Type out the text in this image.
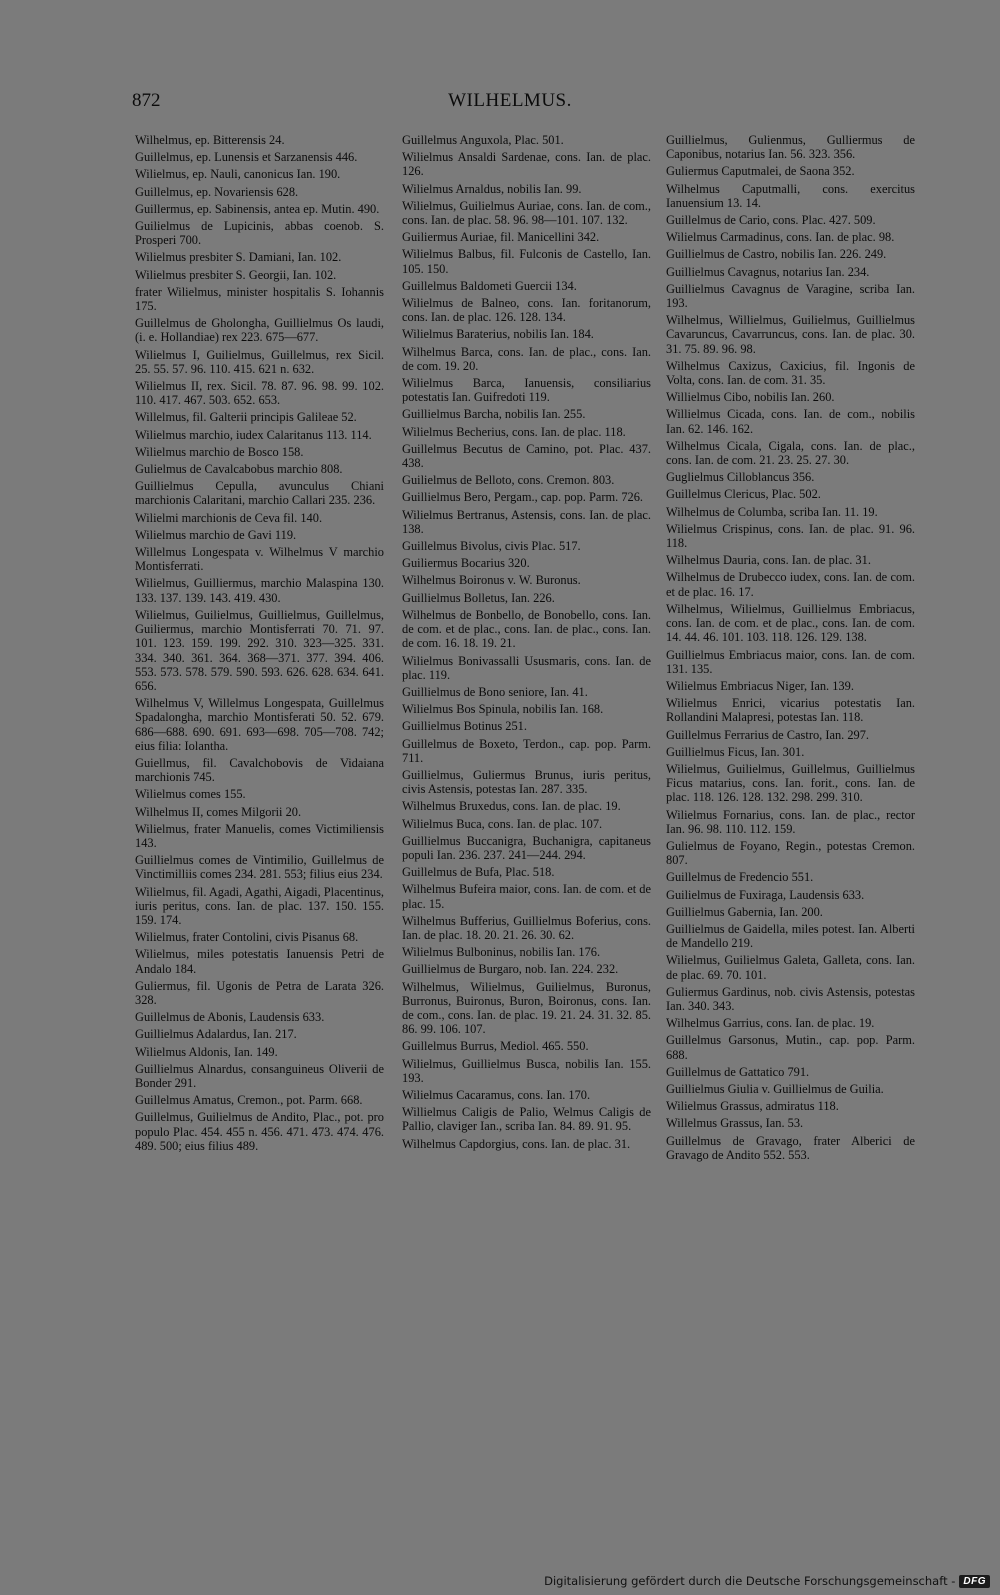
872	WILHELMUS.

Wilhelmus, ep. Bitterensis 24.

Guillelmus, ep. Lunensis et Sarzanensis 446.

Wilielmus, ep. Nauli, canonicus Ian. 190.

Guillelmus, ep. Novariensis 628.

Guillermus, ep. Sabinensis, antea ep. Mutin. 490.

Guilielmus de Lupicinis, abbas coenob. S. Prosperi 700.

Wilielmus presbiter S. Damiani, Ian. 102.

Wilielmus presbiter S. Georgii, Ian. 102.

frater Wilielmus, minister hospitalis S. Iohannis 175.

Guillelmus de Gholongha, Guillielmus Os laudi, (i. e. Hollandiae) rex 223. 675—677.

Wilielmus I, Guilielmus, Guillelmus, rex Sicil. 25. 55. 57. 96. 110. 415. 621 n. 632.

Wilielmus II, rex. Sicil. 78. 87. 96. 98. 99. 102. 110. 417. 467. 503. 652. 653.

Willelmus, fil. Galterii principis Galileae 52.

Wilielmus marchio, iudex Calaritanus 113. 114.

Wilielmus marchio de Bosco 158.

Gulielmus de Cavalcabobus marchio 808.

Guillielmus Cepulla, avunculus Chiani marchionis Calaritani, marchio Callari 235. 236.

Wilielmi marchionis de Ceva fil. 140.

Wilielmus marchio de Gavi 119.

Willelmus Longespata v. Wilhelmus V marchio Montisferrati.

Wilielmus, Guilliermus, marchio Malaspina 130. 133. 137. 139. 143. 419. 430.

Wilielmus, Guilielmus, Guillielmus, Guillelmus, Guiliermus, marchio Montisferrati 70. 71. 97. 101. 123. 159. 199. 292. 310. 323—325. 331. 334. 340. 361. 364. 368—371. 377. 394. 406. 553. 573. 578. 579. 590. 593. 626. 628. 634. 641. 656.

Wilhelmus V, Willelmus Longespata, Guillelmus Spadalongha, marchio Montisferati 50. 52. 679. 686—688. 690. 691. 693—698. 705—708. 742; eius filia: Iolantha.

Guiellmus, fil. Cavalchobovis de Vidaiana marchionis 745.

Wilielmus comes 155.

Wilhelmus II, comes Milgorii 20.

Wilielmus, frater Manuelis, comes Victimiliensis 143.

Guillielmus comes de Vintimilio, Guillelmus de Vinctimilliis comes 234. 281. 553; filius eius 234.

Wilielmus, fil. Agadi, Agathi, Aigadi, Placentinus, iuris peritus, cons. Ian. de plac. 137. 150. 155. 159. 174.

Wilielmus, frater Contolini, civis Pisanus 68.

Wilielmus, miles potestatis Ianuensis Petri de Andalo 184.

Guliermus, fil. Ugonis de Petra de Larata 326. 328.

Guillelmus de Abonis, Laudensis 633.

Guillielmus Adalardus, Ian. 217.

Wilielmus Aldonis, Ian. 149.

Guillielmus Alnardus, consanguineus Oliverii de Bonder 291.

Guillelmus Amatus, Cremon., pot. Parm. 668.

Guillelmus, Guilielmus de Andito, Plac., pot. pro populo Plac. 454. 455 n. 456. 471. 473. 474. 476. 489. 500; eius filius 489.

Guillelmus Anguxola, Plac. 501.

Wilielmus Ansaldi Sardenae, cons. Ian. de plac. 126.

Wilielmus Arnaldus, nobilis Ian. 99.

Wilielmus, Guilielmus Auriae, cons. Ian. de com., cons. Ian. de plac. 58. 96. 98—101. 107. 132.

Guiliermus Auriae, fil. Manicellini 342.

Wilielmus Balbus, fil. Fulconis de Castello, Ian. 105. 150.

Guillelmus Baldometi Guercii 134.

Wilielmus de Balneo, cons. Ian. foritanorum, cons. Ian. de plac. 126. 128. 134.

Wilielmus Baraterius, nobilis Ian. 184.

Wilhelmus Barca, cons. Ian. de plac., cons. Ian. de com. 19. 20.

Wilielmus Barca, Ianuensis, consiliarius potestatis Ian. Guifredoti 119.

Guillielmus Barcha, nobilis Ian. 255.

Wilielmus Becherius, cons. Ian. de plac. 118.

Guillelmus Becutus de Camino, pot. Plac. 437. 438.

Guilielmus de Belloto, cons. Cremon. 803.

Guillielmus Bero, Pergam., cap. pop. Parm. 726.

Wilielmus Bertranus, Astensis, cons. Ian. de plac. 138.

Guillelmus Bivolus, civis Plac. 517.

Guiliermus Bocarius 320.

Wilhelmus Boironus v. W. Buronus.

Guillielmus Bolletus, Ian. 226.

Wilhelmus de Bonbello, de Bonobello, cons. Ian. de com. et de plac., cons. Ian. de plac., cons. Ian. de com. 16. 18. 19. 21.

Wilielmus Bonivassalli Ususmaris, cons. Ian. de plac. 119.

Guillielmus de Bono seniore, Ian. 41.

Wilielmus Bos Spinula, nobilis Ian. 168.

Guillielmus Botinus 251.

Guillelmus de Boxeto, Terdon., cap. pop. Parm. 711.

Guillielmus, Guliermus Brunus, iuris peritus, civis Astensis, potestas Ian. 287. 335.

Wilhelmus Bruxedus, cons. Ian. de plac. 19.

Wilielmus Buca, cons. Ian. de plac. 107.

Guillielmus Buccanigra, Buchanigra, capitaneus populi Ian. 236. 237. 241—244. 294.

Guillelmus de Bufa, Plac. 518.

Wilhelmus Bufeira maior, cons. Ian. de com. et de plac. 15.

Wilhelmus Bufferius, Guillielmus Boferius, cons. Ian. de plac. 18. 20. 21. 26. 30. 62.

Wilielmus Bulboninus, nobilis Ian. 176.

Guillielmus de Burgaro, nob. Ian. 224. 232.

Wilhelmus, Wilielmus, Guilielmus, Buronus, Burronus, Buironus, Buron, Boironus, cons. Ian. de com., cons. Ian. de plac. 19. 21. 24. 31. 32. 85. 86. 99. 106. 107.

Guillelmus Burrus, Mediol. 465. 550.

Wilielmus, Guillielmus Busca, nobilis Ian. 155. 193.

Wilielmus Cacaramus, cons. Ian. 170.

Willielmus Caligis de Palio, Welmus Caligis de Pallio, claviger Ian., scriba Ian. 84. 89. 91. 95.

Wilhelmus Capdorgius, cons. Ian. de plac. 31.

Guillielmus, Gulienmus, Gulliermus de Caponibus, notarius Ian. 56. 323. 356.

Guliermus Caputmalei, de Saona 352.

Wilhelmus Caputmalli, cons. exercitus Ianuensium 13. 14.

Guillelmus de Cario, cons. Plac. 427. 509.

Wilielmus Carmadinus, cons. Ian. de plac. 98.

Guillielmus de Castro, nobilis Ian. 226. 249.

Guillielmus Cavagnus, notarius Ian. 234.

Guillielmus Cavagnus de Varagine, scriba Ian. 193.

Wilhelmus, Willielmus, Guilielmus, Guillielmus Cavaruncus, Cavarruncus, cons. Ian. de plac. 30. 31. 75. 89. 96. 98.

Wilhelmus Caxizus, Caxicius, fil. Ingonis de Volta, cons. Ian. de com. 31. 35.

Willielmus Cibo, nobilis Ian. 260.

Willielmus Cicada, cons. Ian. de com., nobilis Ian. 62. 146. 162.

Wilhelmus Cicala, Cigala, cons. Ian. de plac., cons. Ian. de com. 21. 23. 25. 27. 30.

Guglielmus Cilloblancus 356.

Guillelmus Clericus, Plac. 502.

Wilhelmus de Columba, scriba Ian. 11. 19.

Wilielmus Crispinus, cons. Ian. de plac. 91. 96. 118.

Wilhelmus Dauria, cons. Ian. de plac. 31.

Wilhelmus de Drubecco iudex, cons. Ian. de com. et de plac. 16. 17.

Wilhelmus, Wilielmus, Guillielmus Embriacus, cons. Ian. de com. et de plac., cons. Ian. de com. 14. 44. 46. 101. 103. 118. 126. 129. 138.

Guillielmus Embriacus maior, cons. Ian. de com. 131. 135.

Wilielmus Embriacus Niger, Ian. 139.

Wilielmus Enrici, vicarius potestatis Ian. Rollandini Malapresi, potestas Ian. 118.

Guillelmus Ferrarius de Castro, Ian. 297.

Guillielmus Ficus, Ian. 301.

Wilielmus, Guilielmus, Guillelmus, Guillielmus Ficus matarius, cons. Ian. forit., cons. Ian. de plac. 118. 126. 128. 132. 298. 299. 310.

Wilielmus Fornarius, cons. Ian. de plac., rector Ian. 96. 98. 110. 112. 159.

Gulielmus de Foyano, Regin., potestas Cremon. 807.

Guillelmus de Fredencio 551.

Guilielmus de Fuxiraga, Laudensis 633.

Guillielmus Gabernia, Ian. 200.

Guillielmus de Gaidella, miles potest. Ian. Alberti de Mandello 219.

Wilielmus, Guilielmus Galeta, Galleta, cons. Ian. de plac. 69. 70. 101.

Guliermus Gardinus, nob. civis Astensis, potestas Ian. 340. 343.

Wilhelmus Garrius, cons. Ian. de plac. 19.

Guillelmus Garsonus, Mutin., cap. pop. Parm. 688.

Guillelmus de Gattatico 791.

Guillielmus Giulia v. Guillielmus de Guilia.

Wilielmus Grassus, admiratus 118.

Willelmus Grassus, Ian. 53.

Guillelmus de Gravago, frater Alberici de Gravago de Andito 552. 553.

Digitalisierung gefördert durch die Deutsche Forschungsgemeinschaft - DFG
